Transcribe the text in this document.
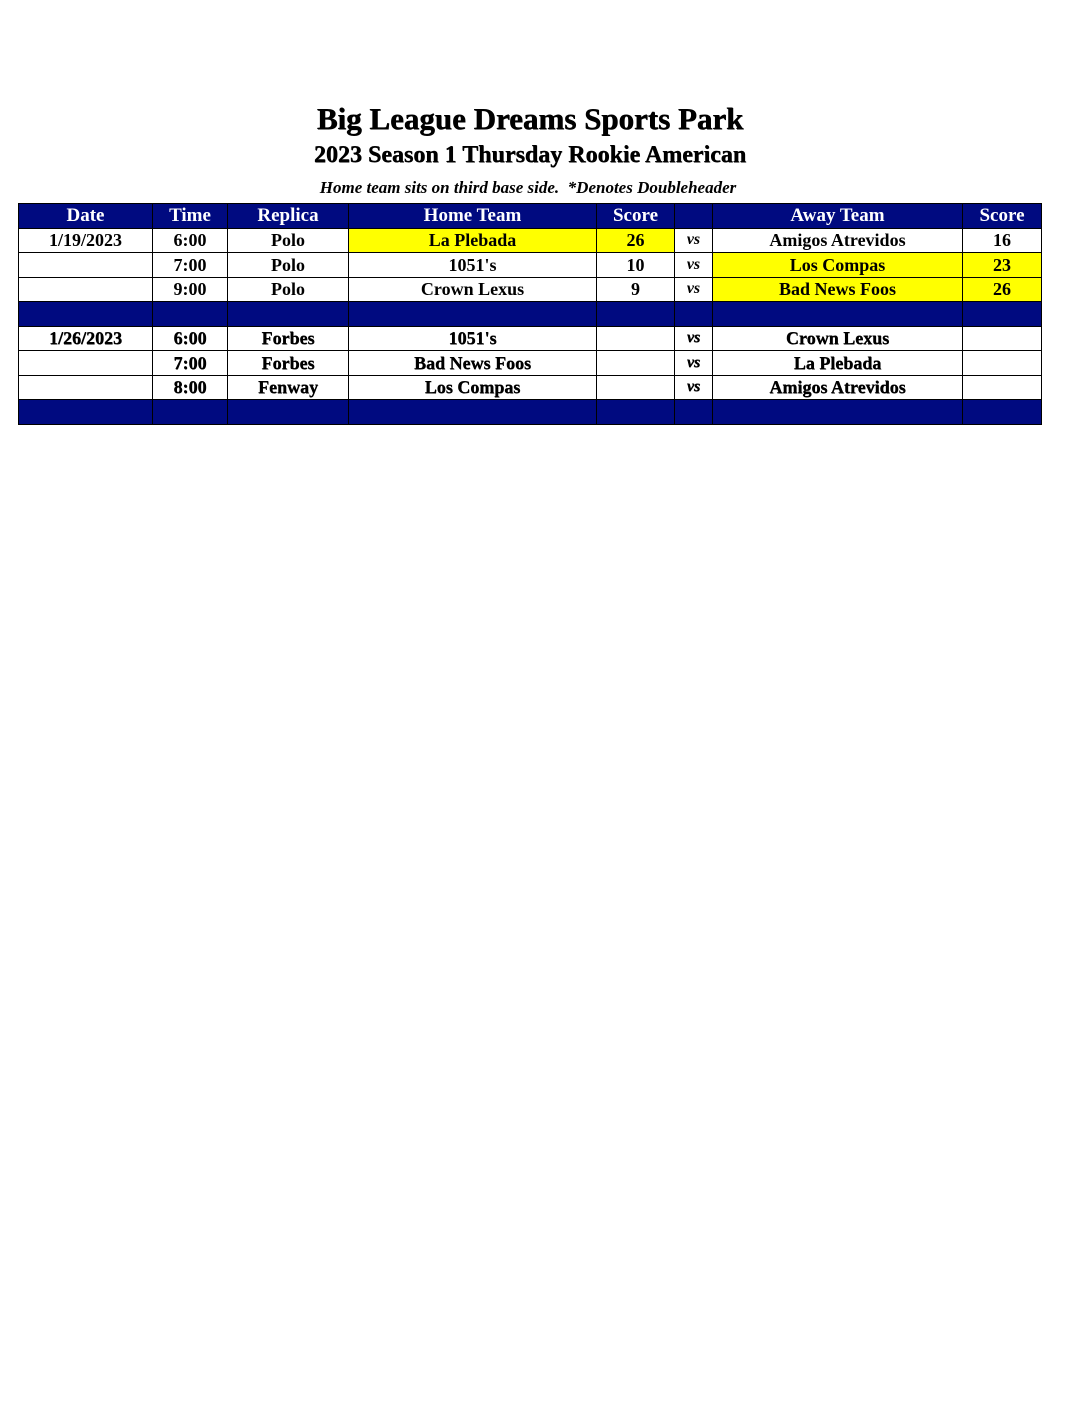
Big League Dreams Sports Park
2023 Season 1 Thursday Rookie American
Home team sits on third base side.  *Denotes Doubleheader
Date	Time	Replica	Home Team	Score		Away Team	Score
1/19/2023	6:00	Polo	La Plebada	26	vs	Amigos Atrevidos	16
	7:00	Polo	1051's	10	vs	Los Compas	23
	9:00	Polo	Crown Lexus	9	vs	Bad News Foos	26

1/26/2023	6:00	Forbes	1051's		vs	Crown Lexus	
	7:00	Forbes	Bad News Foos		vs	La Plebada	
	8:00	Fenway	Los Compas		vs	Amigos Atrevidos	
